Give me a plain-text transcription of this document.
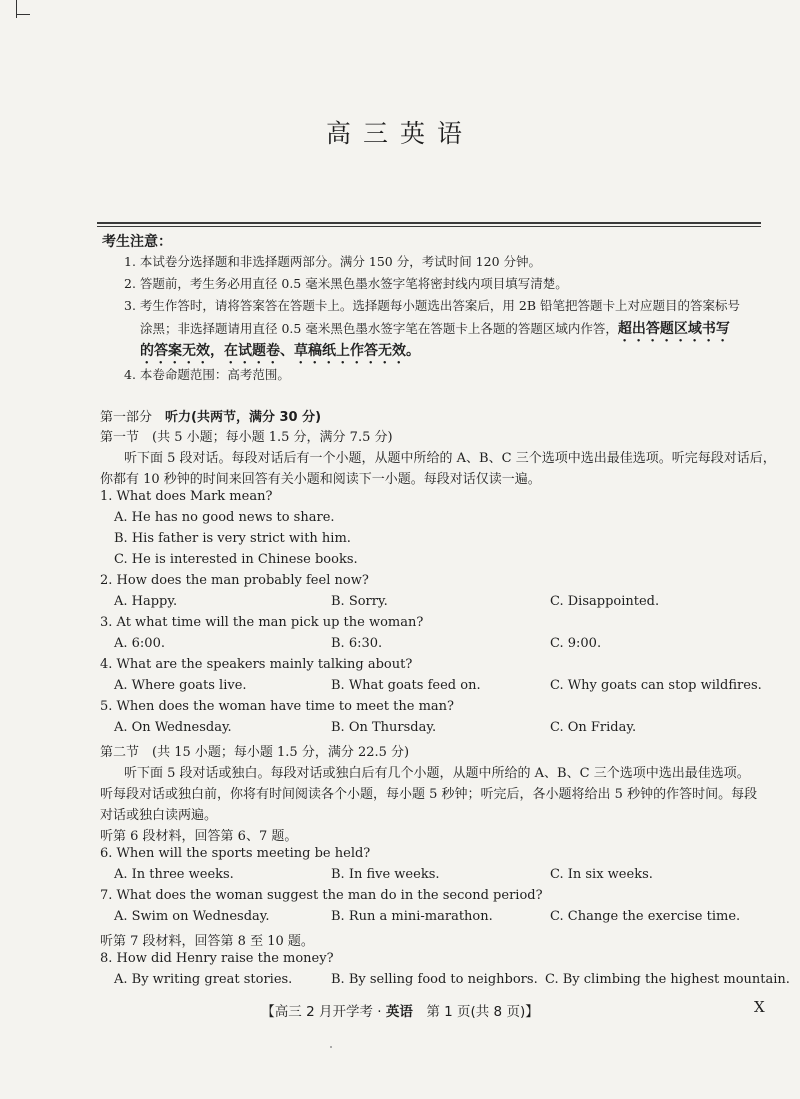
高三英语
考生注意：
1. 本试卷分选择题和非选择题两部分。满分 150 分，考试时间 120 分钟。
2. 答题前，考生务必用直径 0.5 毫米黑色墨水签字笔将密封线内项目填写清楚。
3. 考生作答时，请将答案答在答题卡上。选择题每小题选出答案后，用 2B 铅笔把答题卡上对应题目的答案标号
涂黑；非选择题请用直径 0.5 毫米黑色墨水签字笔在答题卡上各题的答题区域内作答，超出答题区域书写
的答案无效，在试题卷、草稿纸上作答无效。
4. 本卷命题范围：高考范围。
第一部分　 听力(共两节，满分 30 分)
第一节　(共 5 小题；每小题 1.5 分，满分 7.5 分)
听下面 5 段对话。每段对话后有一个小题，从题中所给的 A、B、C 三个选项中选出最佳选项。听完每段对话后，
你都有 10 秒钟的时间来回答有关小题和阅读下一小题。每段对话仅读一遍。
1. What does Mark mean?
A. He has no good news to share.
B. His father is very strict with him.
C. He is interested in Chinese books.
2. How does the man probably feel now?
A. Happy.	B. Sorry.	C. Disappointed.
3. At what time will the man pick up the woman?
A. 6:00.	B. 6:30.	C. 9:00.
4. What are the speakers mainly talking about?
A. Where goats live.	B. What goats feed on.	C. Why goats can stop wildfires.
5. When does the woman have time to meet the man?
A. On Wednesday.	B. On Thursday.	C. On Friday.
第二节　(共 15 小题；每小题 1.5 分，满分 22.5 分)
听下面 5 段对话或独白。每段对话或独白后有几个小题，从题中所给的 A、B、C 三个选项中选出最佳选项。
听每段对话或独白前，你将有时间阅读各个小题，每小题 5 秒钟；听完后，各小题将给出 5 秒钟的作答时间。每段
对话或独白读两遍。
听第 6 段材料，回答第 6、7 题。
6. When will the sports meeting be held?
A. In three weeks.	B. In five weeks.	C. In six weeks.
7. What does the woman suggest the man do in the second period?
A. Swim on Wednesday.	B. Run a mini-marathon.	C. Change the exercise time.
听第 7 段材料，回答第 8 至 10 题。
8. How did Henry raise the money?
A. By writing great stories.	B. By selling food to neighbors. C. By climbing the highest mountain.
【高三 2 月开学考 · 英语　第 1 页(共 8 页)】	X
